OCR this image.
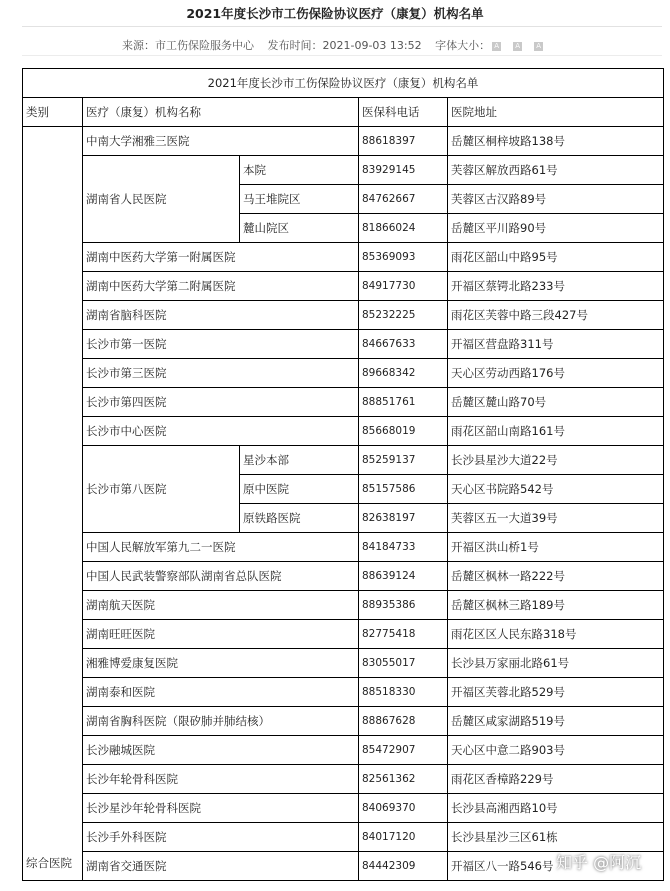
2021年度长沙市工伤保险协议医疗（康复）机构名单
来源：市工伤保险服务中心 发布时间：2021-09-03 13:52 字体大小： A A A
2021年度长沙市工伤保险协议医疗（康复）机构名单				
类别	医疗（康复）机构名称		医保科电话	医院地址
综合医院	中南大学湘雅三医院		88618397	岳麓区桐梓坡路138号
	湖南省人民医院	本院	83929145	芙蓉区解放西路61号
		马王堆院区	84762667	芙蓉区古汉路89号
		麓山院区	81866024	岳麓区平川路90号
	湖南中医药大学第一附属医院		85369093	雨花区韶山中路95号
	湖南中医药大学第二附属医院		84917730	开福区蔡锷北路233号
	湖南省脑科医院		85232225	雨花区芙蓉中路三段427号
	长沙市第一医院		84667633	开福区营盘路311号
	长沙市第三医院		89668342	天心区劳动西路176号
	长沙市第四医院		88851761	岳麓区麓山路70号
	长沙市中心医院		85668019	雨花区韶山南路161号
	长沙市第八医院	星沙本部	85259137	长沙县星沙大道22号
		原中医院	85157586	天心区书院路542号
		原铁路医院	82638197	芙蓉区五一大道39号
	中国人民解放军第九二一医院		84184733	开福区洪山桥1号
	中国人民武装警察部队湖南省总队医院		88639124	岳麓区枫林一路222号
	湖南航天医院		88935386	岳麓区枫林三路189号
	湖南旺旺医院		82775418	雨花区区人民东路318号
	湘雅博爱康复医院		83055017	长沙县万家丽北路61号
	湖南泰和医院		88518330	开福区芙蓉北路529号
	湖南省胸科医院（限矽肺并肺结核）		88867628	岳麓区咸家湖路519号
	长沙融城医院		85472907	天心区中意二路903号
	长沙年轮骨科医院		82561362	雨花区香樟路229号
	长沙星沙年轮骨科医院		84069370	长沙县高湘西路10号
	长沙手外科医院		84017120	长沙县星沙三区61栋
	湖南省交通医院		84442309	开福区八一路546号 知乎 @阿沉
